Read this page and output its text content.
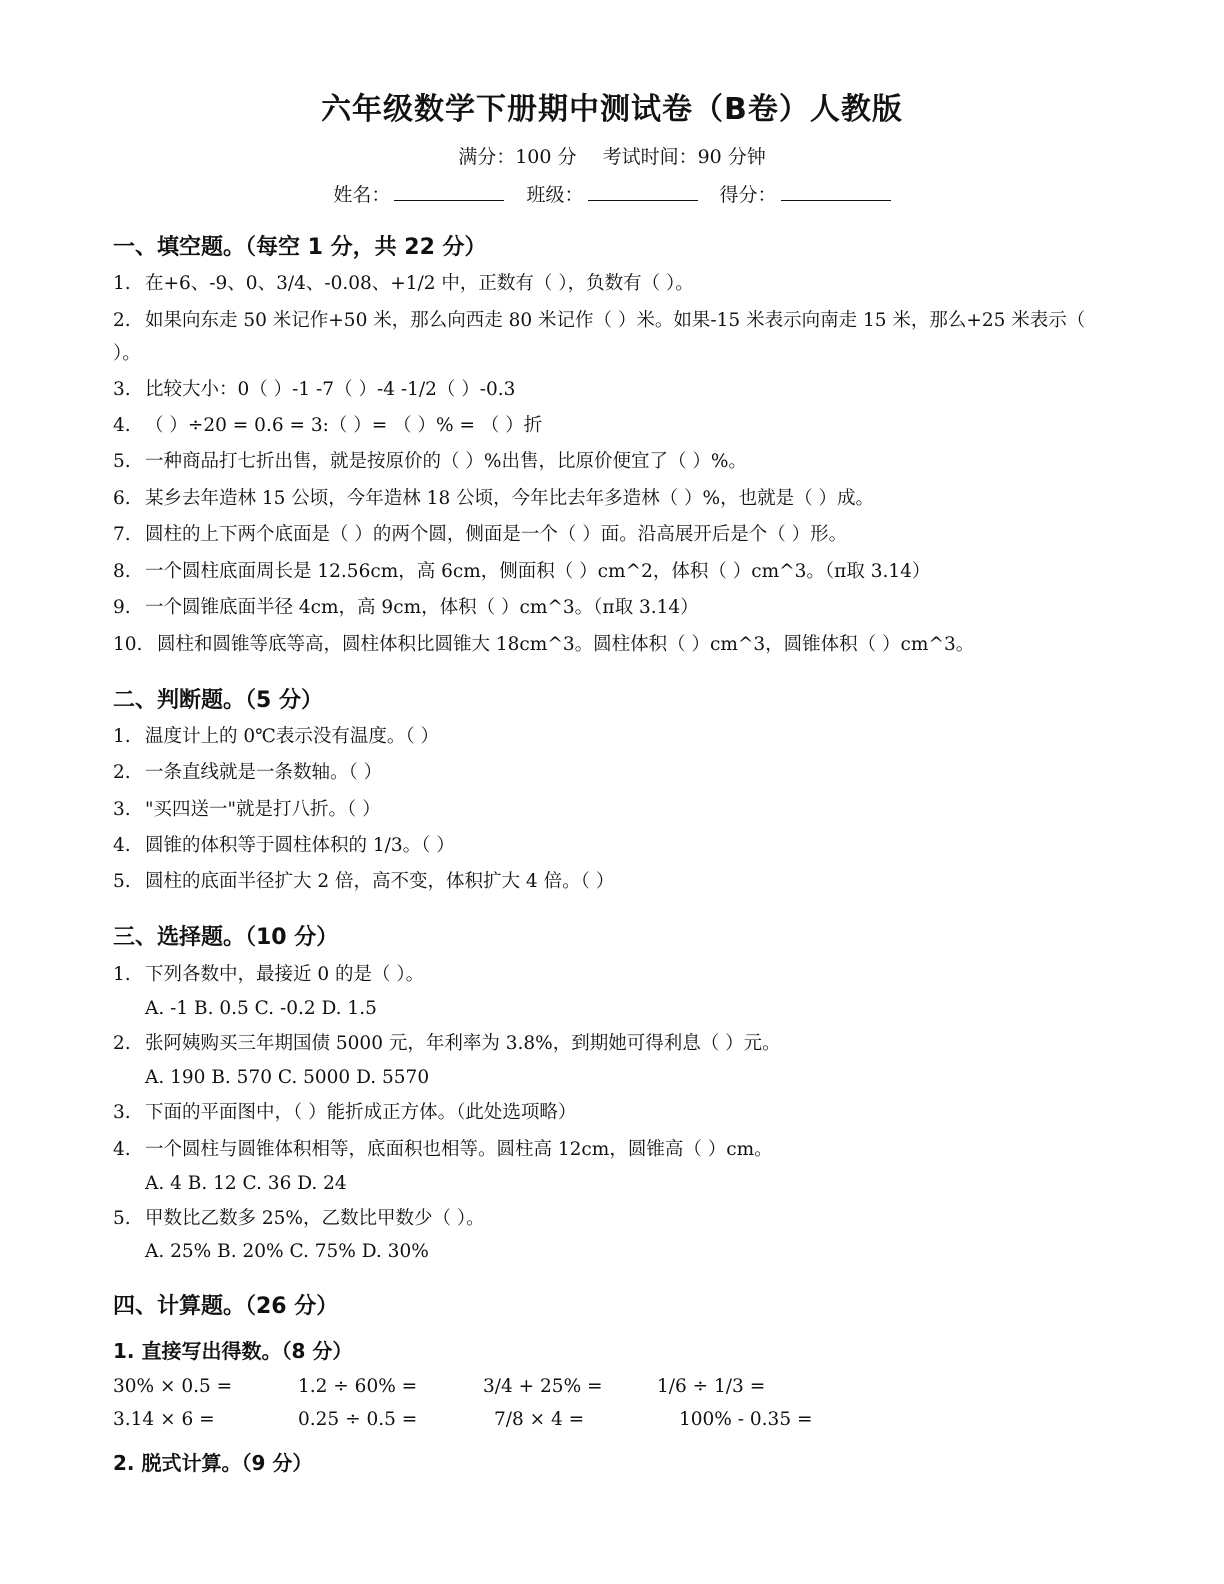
六年级数学下册期中测试卷（B卷）人教版
满分：100 分 考试时间：90 分钟
姓名：	班级：	得分：
一、填空题。（每空 1 分，共 22 分）
1. 在+6、-9、0、3/4、-0.08、+1/2 中，正数有（ ），负数有（ ）。
2. 如果向东走 50 米记作+50 米，那么向西走 80 米记作（ ）米。如果-15 米表示向南走 15 米，那么+25 米表示（ ）。
3. 比较大小：0（ ）-1 -7（ ）-4 -1/2（ ）-0.3
4. （ ）÷20 = 0.6 = 3:（ ）= （ ）% = （ ）折
5. 一种商品打七折出售，就是按原价的（ ）%出售，比原价便宜了（ ）%。
6. 某乡去年造林 15 公顷，今年造林 18 公顷，今年比去年多造林（ ）%，也就是（ ）成。
7. 圆柱的上下两个底面是（ ）的两个圆，侧面是一个（ ）面。沿高展开后是个（ ）形。
8. 一个圆柱底面周长是 12.56cm，高 6cm，侧面积（ ）cm^2，体积（ ）cm^3。（π取 3.14）
9. 一个圆锥底面半径 4cm，高 9cm，体积（ ）cm^3。（π取 3.14）
10. 圆柱和圆锥等底等高，圆柱体积比圆锥大 18cm^3。圆柱体积（ ）cm^3，圆锥体积（ ）cm^3。
二、判断题。（5 分）
1. 温度计上的 0℃表示没有温度。（ ）
2. 一条直线就是一条数轴。（ ）
3. "买四送一"就是打八折。（ ）
4. 圆锥的体积等于圆柱体积的 1/3。（ ）
5. 圆柱的底面半径扩大 2 倍，高不变，体积扩大 4 倍。（ ）
三、选择题。（10 分）
1. 下列各数中，最接近 0 的是（ ）。
A. -1 B. 0.5 C. -0.2 D. 1.5
2. 张阿姨购买三年期国债 5000 元，年利率为 3.8%，到期她可得利息（ ）元。
A. 190 B. 570 C. 5000 D. 5570
3. 下面的平面图中，（ ）能折成正方体。（此处选项略）
4. 一个圆柱与圆锥体积相等，底面积也相等。圆柱高 12cm，圆锥高（ ）cm。
A. 4 B. 12 C. 36 D. 24
5. 甲数比乙数多 25%，乙数比甲数少（ ）。
A. 25% B. 20% C. 75% D. 30%
四、计算题。（26 分）
1. 直接写出得数。（8 分）
30% × 0.5 =	1.2 ÷ 60% =	3/4 + 25% =	1/6 ÷ 1/3 =
3.14 × 6 =	0.25 ÷ 0.5 =	7/8 × 4 =	100% - 0.35 =
2. 脱式计算。（9 分）
